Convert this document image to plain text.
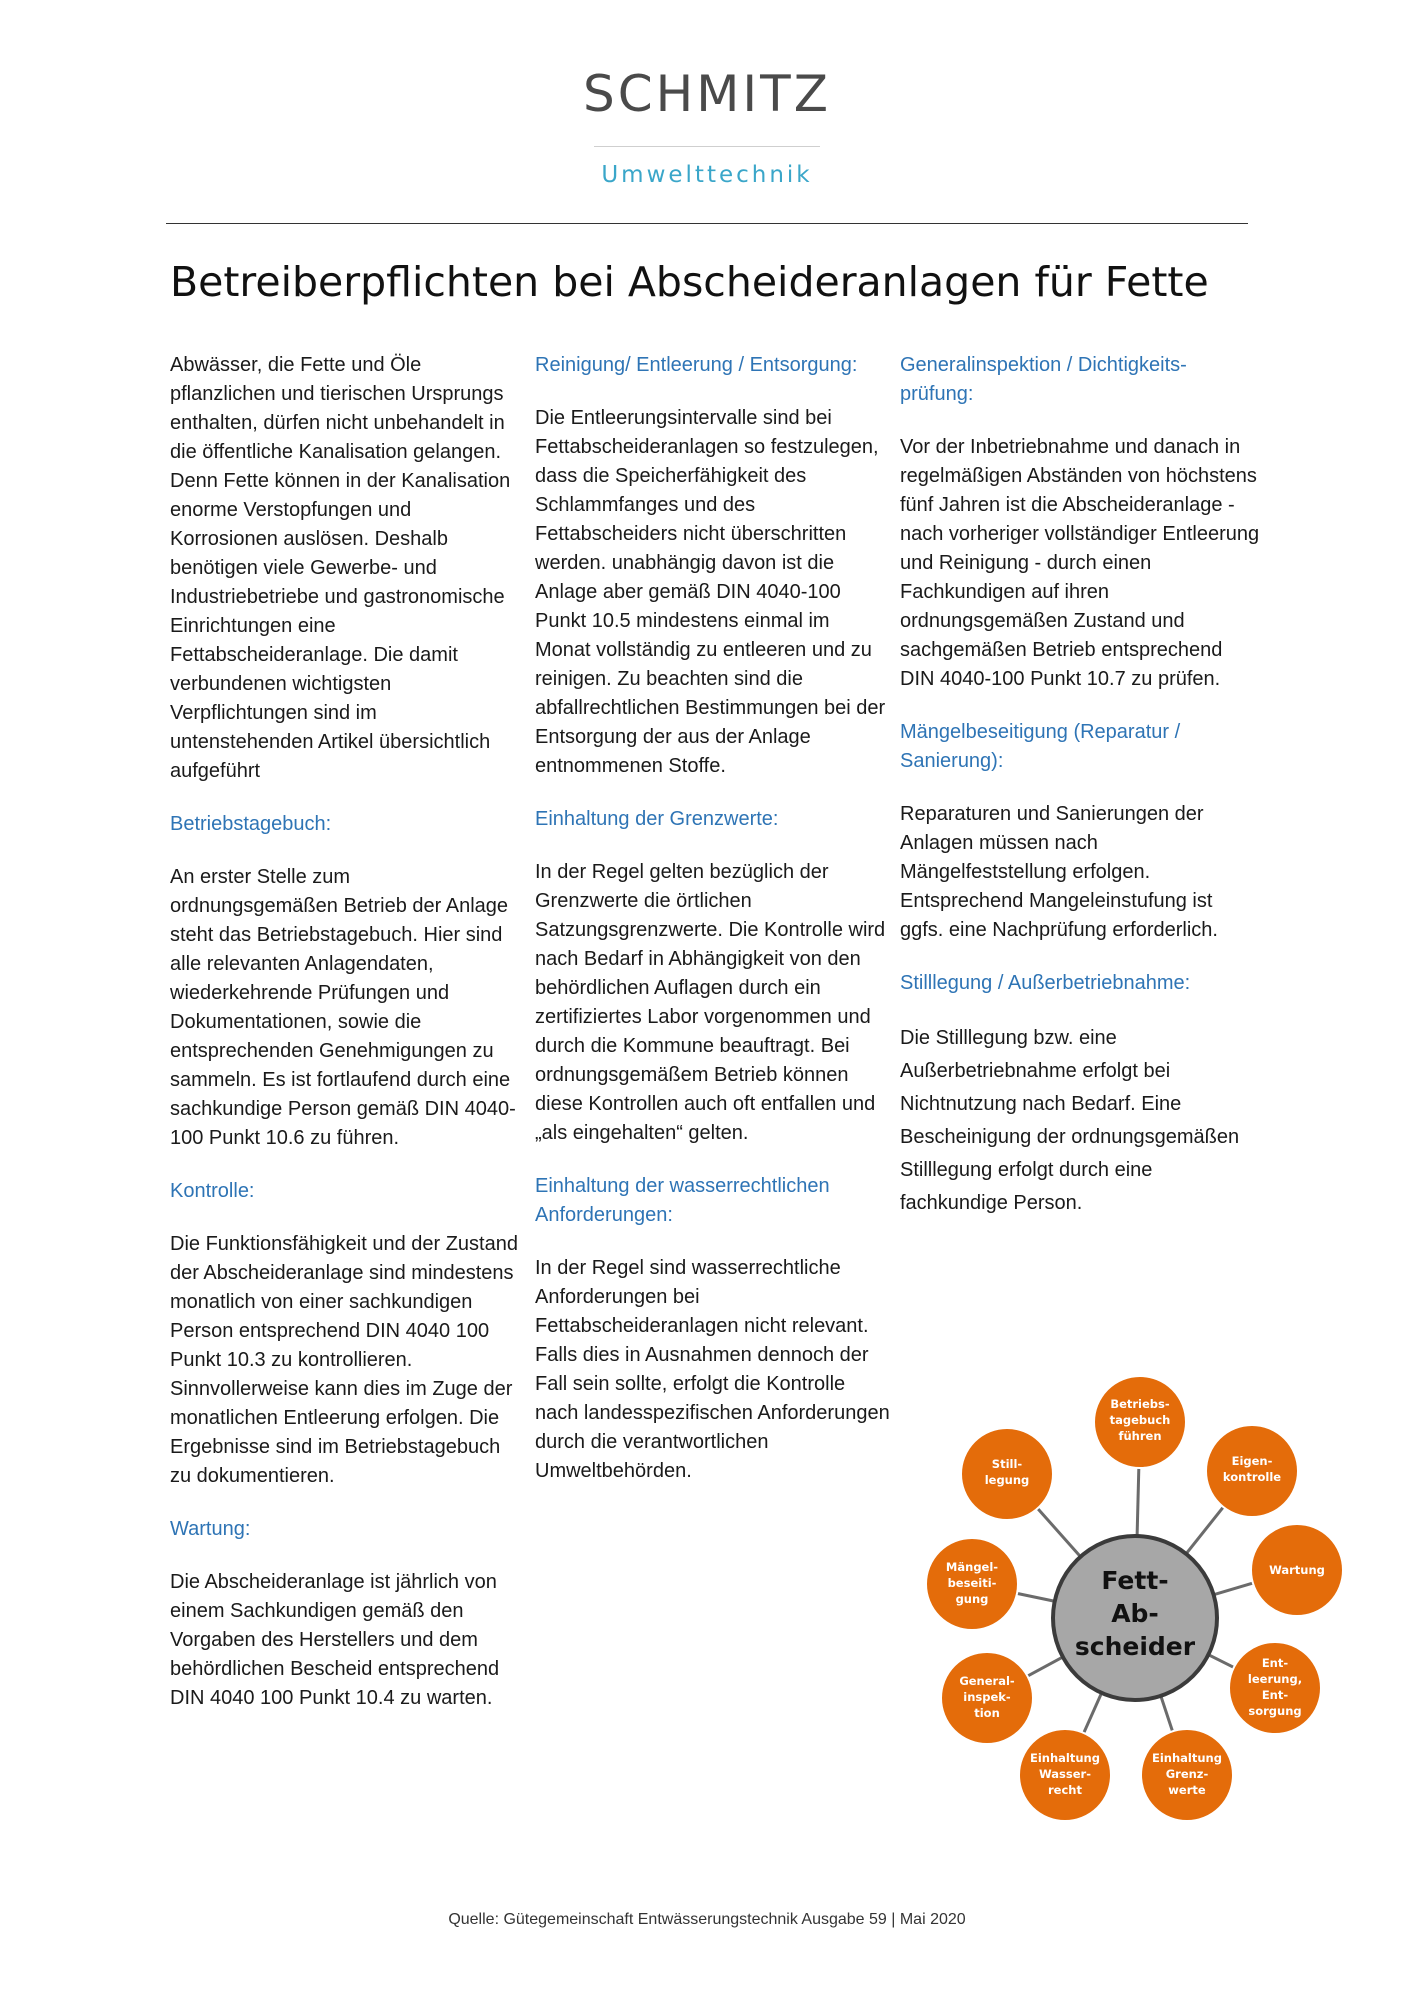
SCHMITZ
Umwelttechnik
Betreiberpflichten bei Abscheideranlagen für Fette

Abwässer, die Fette und Öle pflanzlichen und tierischen Ursprungs enthalten, dürfen nicht unbehandelt in die öffentliche Kanalisation gelangen. Denn Fette können in der Kanalisation enorme Verstopfungen und Korrosionen auslösen. Deshalb benötigen viele Gewerbe- und Industriebetriebe und gastronomische Einrichtungen eine Fettabscheideranlage. Die damit verbundenen wichtigsten Verpflichtungen sind im untenstehenden Artikel übersichtlich aufgeführt

Betriebstagebuch:

An erster Stelle zum ordnungsgemäßen Betrieb der Anlage steht das Betriebstagebuch. Hier sind alle relevanten Anlagendaten, wiederkehrende Prüfungen und Dokumentationen, sowie die entsprechenden Genehmigungen zu sammeln. Es ist fortlaufend durch eine sachkundige Person gemäß DIN 4040-100 Punkt 10.6 zu führen.

Kontrolle:

Die Funktionsfähigkeit und der Zustand der Abscheideranlage sind mindestens monatlich von einer sachkundigen Person entsprechend DIN 4040 100 Punkt 10.3 zu kontrollieren. Sinnvollerweise kann dies im Zuge der monatlichen Entleerung erfolgen. Die Ergebnisse sind im Betriebstagebuch zu dokumentieren.

Wartung:

Die Abscheideranlage ist jährlich von einem Sachkundigen gemäß den Vorgaben des Herstellers und dem behördlichen Bescheid entsprechend DIN 4040 100 Punkt 10.4 zu warten.

Reinigung/ Entleerung / Entsorgung:

Die Entleerungsintervalle sind bei Fettabscheideranlagen so festzulegen, dass die Speicherfähigkeit des Schlammfanges und des Fettabscheiders nicht überschritten werden. unabhängig davon ist die Anlage aber gemäß DIN 4040-100 Punkt 10.5 mindestens einmal im Monat vollständig zu entleeren und zu reinigen. Zu beachten sind die abfallrechtlichen Bestimmungen bei der Entsorgung der aus der Anlage entnommenen Stoffe.

Einhaltung der Grenzwerte:

In der Regel gelten bezüglich der Grenzwerte die örtlichen Satzungsgrenzwerte. Die Kontrolle wird nach Bedarf in Abhängigkeit von den behördlichen Auflagen durch ein zertifiziertes Labor vorgenommen und durch die Kommune beauftragt. Bei ordnungsgemäßem Betrieb können diese Kontrollen auch oft entfallen und „als eingehalten“ gelten.

Einhaltung der wasserrechtlichen Anforderungen:

In der Regel sind wasserrechtliche Anforderungen bei Fettabscheideranlagen nicht relevant. Falls dies in Ausnahmen dennoch der Fall sein sollte, erfolgt die Kontrolle nach landesspezifischen Anforderungen durch die verantwortlichen Umweltbehörden.

Generalinspektion / Dichtigkeits- prüfung:

Vor der Inbetriebnahme und danach in regelmäßigen Abständen von höchstens fünf Jahren ist die Abscheideranlage - nach vorheriger vollständiger Entleerung und Reinigung - durch einen Fachkundigen auf ihren ordnungsgemäßen Zustand und sachgemäßen Betrieb entsprechend DIN 4040-100 Punkt 10.7 zu prüfen.

Mängelbeseitigung (Reparatur / Sanierung):

Reparaturen und Sanierungen der Anlagen müssen nach Mängelfeststellung erfolgen. Entsprechend Mangeleinstufung ist ggfs. eine Nachprüfung erforderlich.

Stilllegung / Außerbetriebnahme:

Die Stilllegung bzw. eine Außerbetriebnahme erfolgt bei Nichtnutzung nach Bedarf. Eine Bescheinigung der ordnungsgemäßen Stilllegung erfolgt durch eine fachkundige Person.

Fett-
Ab-
scheider
Betriebs-
tagebuch
führen
Eigen-
kontrolle
Wartung
Ent-
leerung,
Ent-
sorgung
Einhaltung
Grenz-
werte
Einhaltung
Wasser-
recht
General-
inspek-
tion
Mängel-
beseiti-
gung
Still-
legung
Quelle: Gütegemeinschaft Entwässerungstechnik Ausgabe 59 | Mai 2020
